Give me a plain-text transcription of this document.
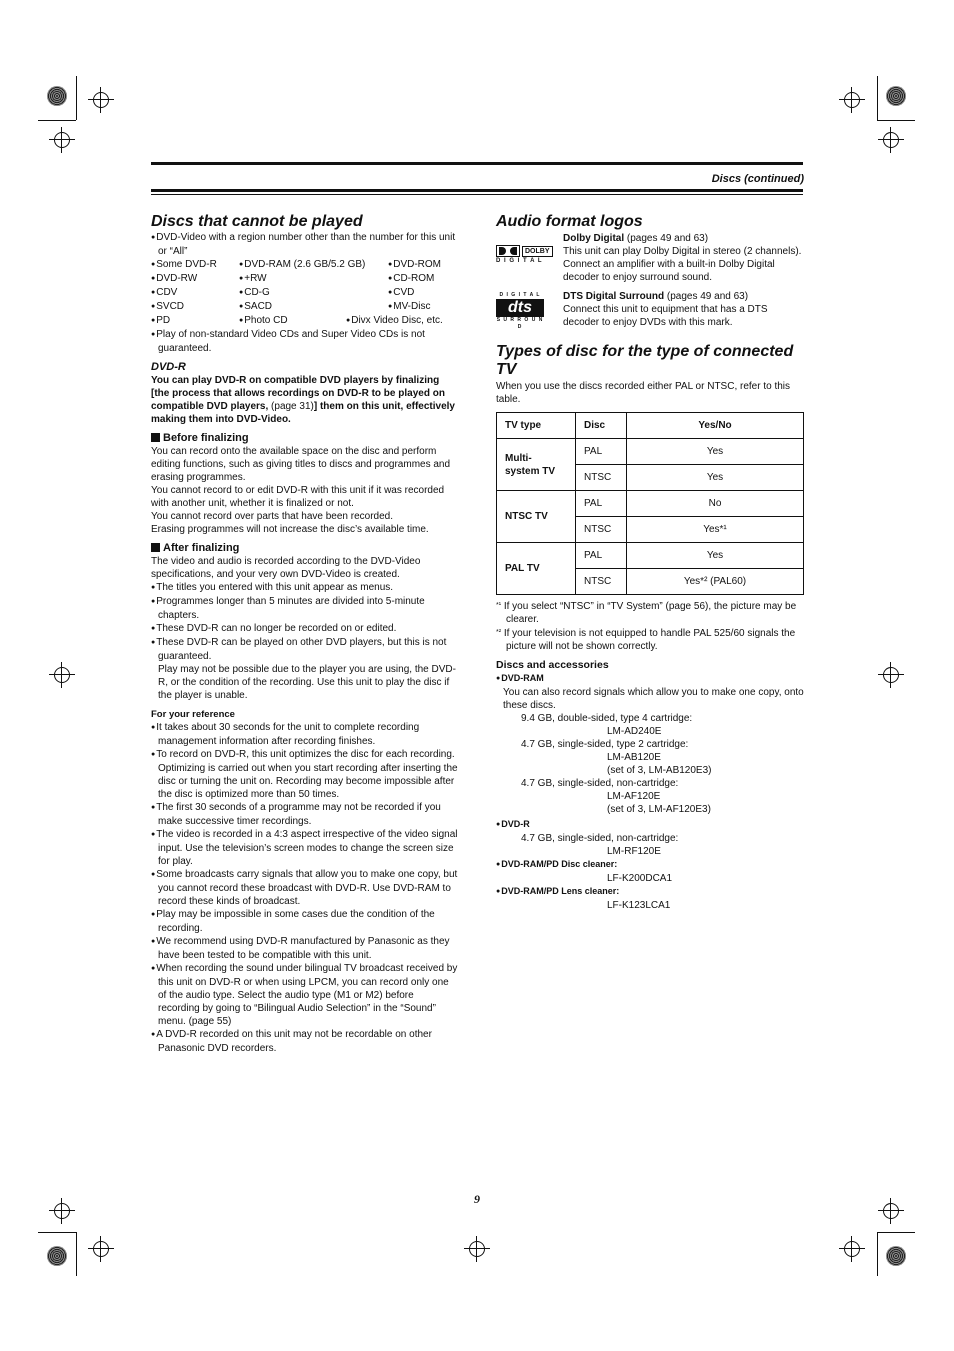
Discs (continued)
Discs that cannot be played

● DVD-Video with a region number other than the number for this unit or “All”

● Some DVD-R	● DVD-RAM (2.6 GB/5.2 GB)	● DVD-ROM
● DVD-RW	● +RW	● CD-ROM
● CDV	● CD-G	● CVD
● SVCD	● SACD	● MV-Disc
● PD	● Photo CD	● Divx Video Disc, etc.

● Play of non-standard Video CDs and Super Video CDs is not guaranteed.

DVD-R

You can play DVD-R on compatible DVD players by finalizing [the process that allows recordings on DVD-R to be played on compatible DVD players, (page 31)] them on this unit, effectively making them into DVD-Video.

Before finalizing

You can record onto the available space on the disc and perform editing functions, such as giving titles to discs and programmes and erasing programmes.

You cannot record to or edit DVD-R with this unit if it was recorded with another unit, whether it is finalized or not.

You cannot record over parts that have been recorded.

Erasing programmes will not increase the disc’s available time.

After finalizing

The video and audio is recorded according to the DVD-Video specifications, and your very own DVD-Video is created.

● The titles you entered with this unit appear as menus.

● Programmes longer than 5 minutes are divided into 5-minute chapters.

● These DVD-R can no longer be recorded on or edited.

● These DVD-R can be played on other DVD players, but this is not guaranteed.

Play may not be possible due to the player you are using, the DVD-R, or the condition of the recording. Use this unit to play the disc if the player is unable.

For your reference

● It takes about 30 seconds for the unit to complete recording management information after recording finishes.

● To record on DVD-R, this unit optimizes the disc for each recording. Optimizing is carried out when you start recording after inserting the disc or turning the unit on. Recording may become impossible after the disc is optimized more than 50 times.

● The first 30 seconds of a programme may not be recorded if you make successive timer recordings.

● The video is recorded in a 4:3 aspect irrespective of the video signal input. Use the television’s screen modes to change the screen size for play.

● Some broadcasts carry signals that allow you to make one copy, but you cannot record these broadcast with DVD-R. Use DVD-RAM to record these kinds of broadcast.

● Play may be impossible in some cases due the condition of the recording.

● We recommend using DVD-R manufactured by Panasonic as they have been tested to be compatible with this unit.

● When recording the sound under bilingual TV broadcast received by this unit on DVD-R or when using LPCM, you can record only one of the audio type. Select the audio type (M1 or M2) before recording by going to “Bilingual Audio Selection” in the “Sound” menu. (page 55)

● A DVD-R recorded on this unit may not be recordable on other Panasonic DVD recorders.

Audio format logos
DOLBY
D I G I T A L

Dolby Digital (pages 49 and 63)

This unit can play Dolby Digital in stereo (2 channels). Connect an amplifier with a built-in Dolby Digital decoder to enjoy surround sound.

D I G I T A L
dts
S U R R O U N D

DTS Digital Surround (pages 49 and 63)

Connect this unit to equipment that has a DTS decoder to enjoy DVDs with this mark.

Types of disc for the type of connected TV

When you use the discs recorded either PAL or NTSC, refer to this table.

TV type	Disc	Yes/No
Multi-
system TV	PAL	Yes
	NTSC	Yes
NTSC TV	PAL	No
	NTSC	Yes*¹
PAL TV	PAL	Yes
	NTSC	Yes*² (PAL60)

$^{*^1}$ If you select “NTSC” in “TV System” (page 56), the picture may be clearer.

$^{*^2}$ If your television is not equipped to handle PAL 525/60 signals the picture will not be shown correctly.

Discs and accessories

● DVD-RAM

You can also record signals which allow you to make one copy, onto these discs.

9.4 GB, double-sided, type 4 cartridge:

LM-AD240E

4.7 GB, single-sided, type 2 cartridge:

LM-AB120E

(set of 3, LM-AB120E3)

4.7 GB, single-sided, non-cartridge:

LM-AF120E

(set of 3, LM-AF120E3)

● DVD-R

4.7 GB, single-sided, non-cartridge:

LM-RF120E

● DVD-RAM/PD Disc cleaner:

LF-K200DCA1

● DVD-RAM/PD Lens cleaner:

LF-K123LCA1

9
